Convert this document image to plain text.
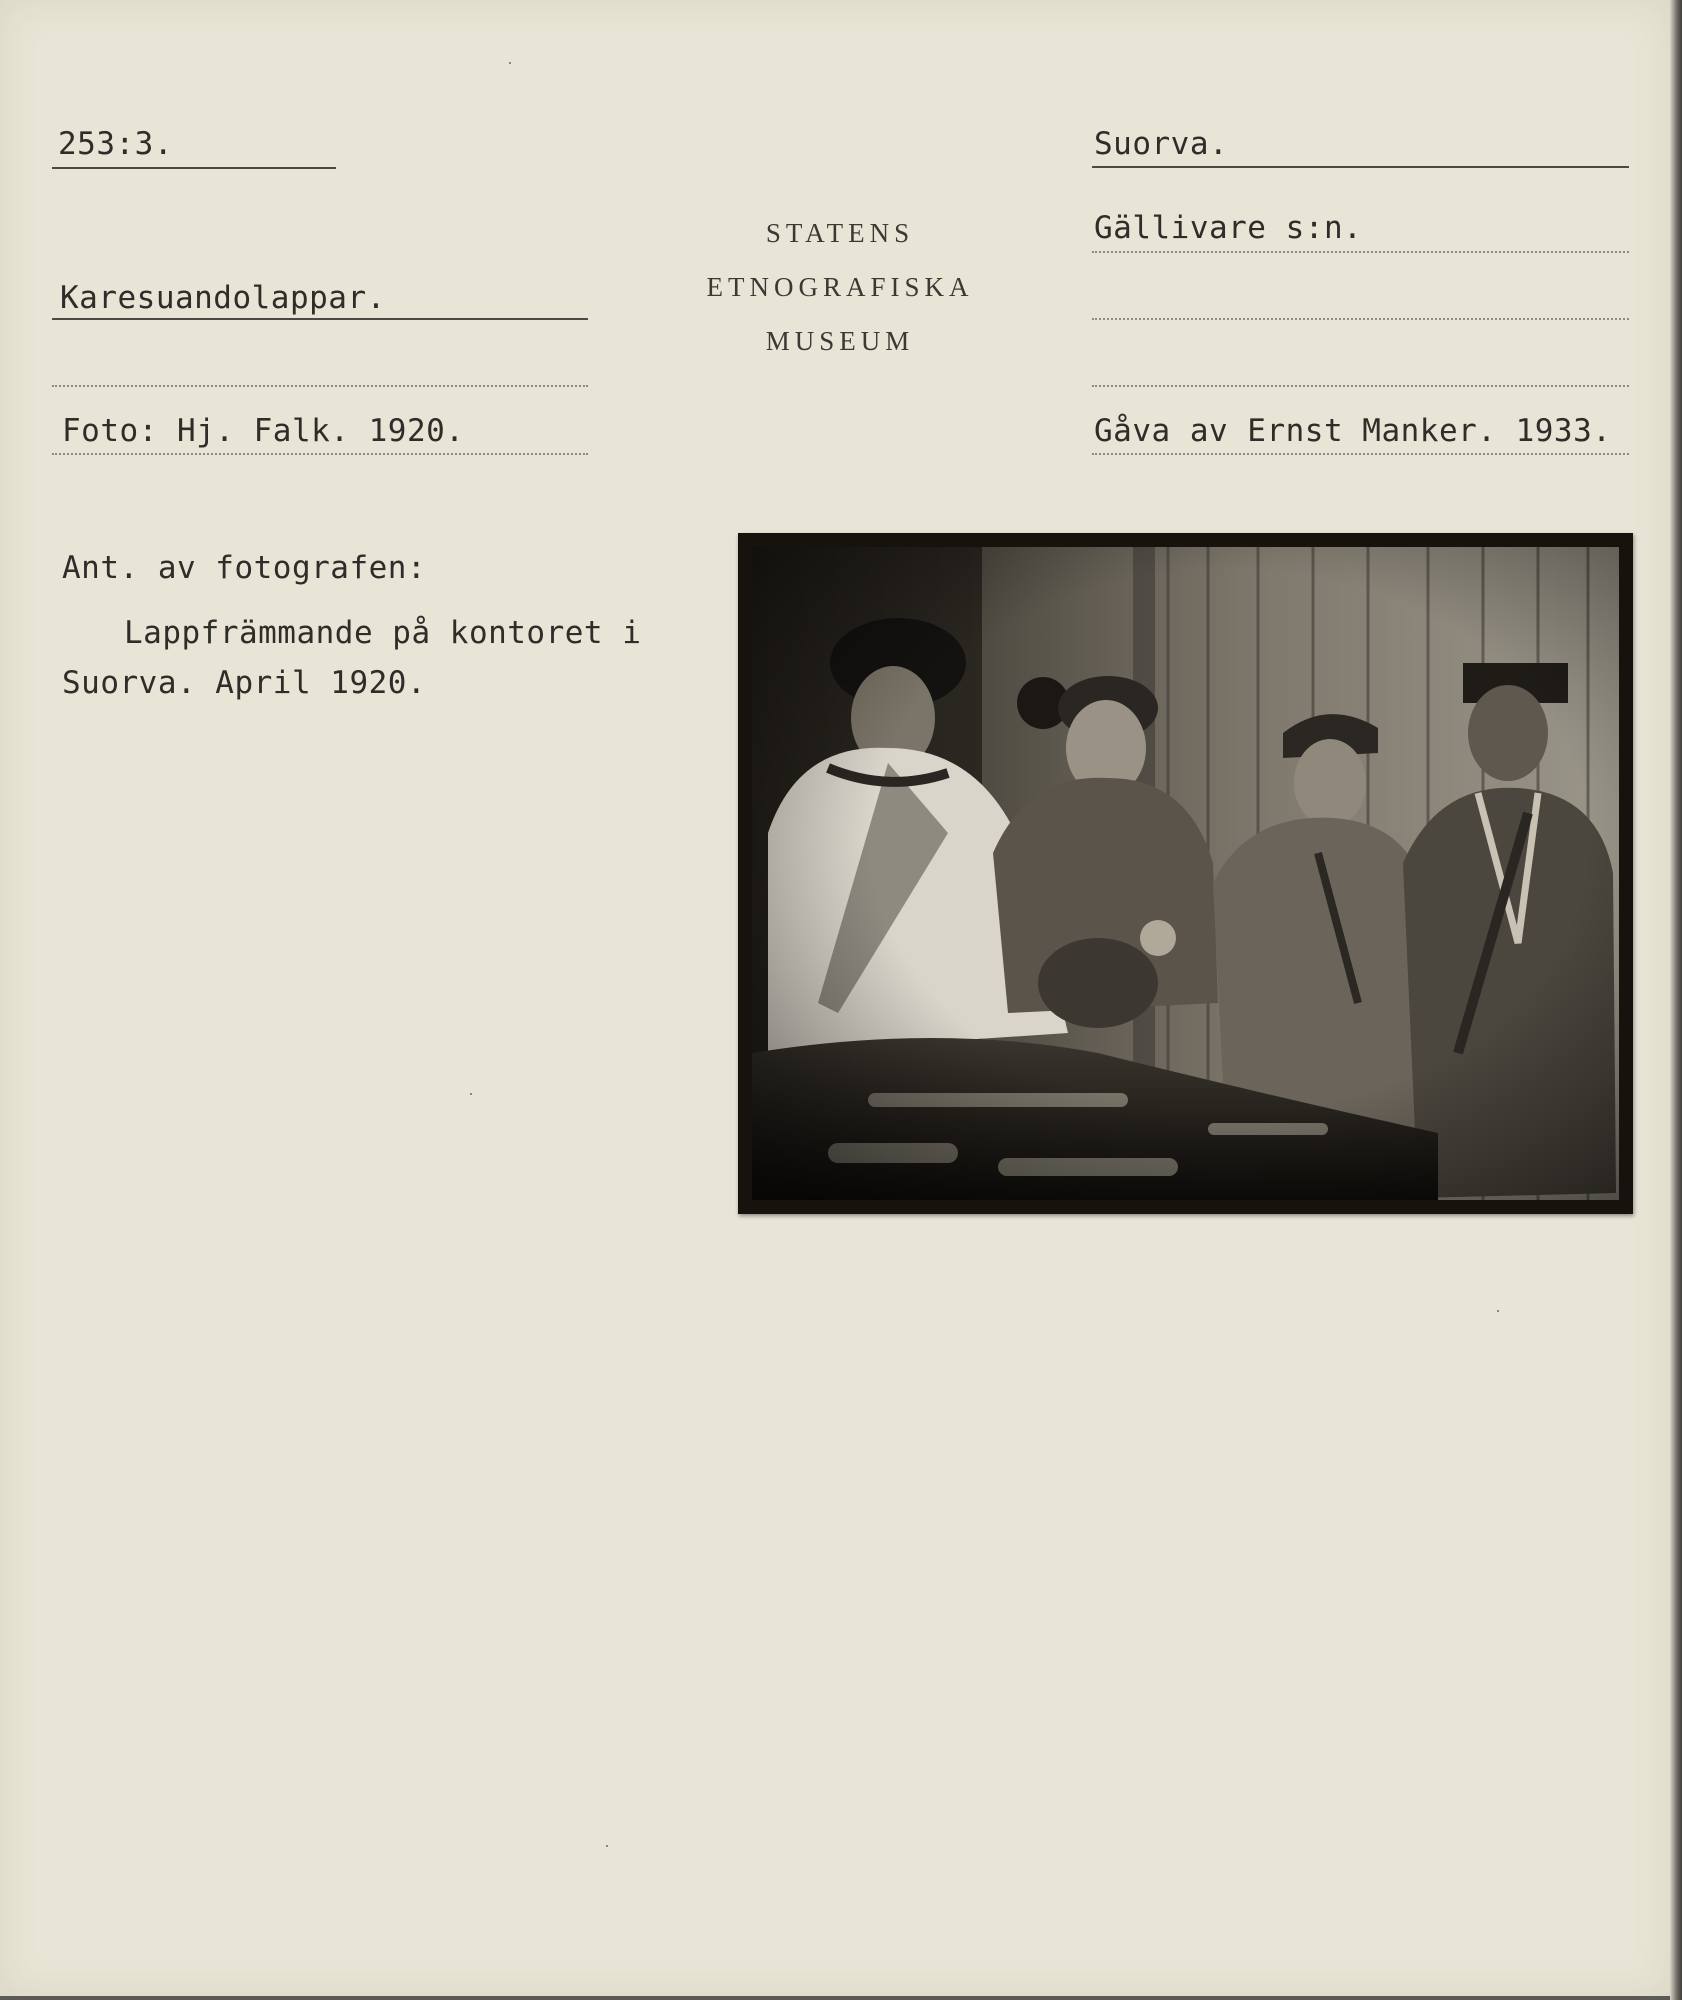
253:3.	Suorva.
Gällivare s:n.
STATENS
ETNOGRAFISKA
MUSEUM
Karesuandolappar.
Foto: Hj. Falk. 1920.	Gåva av Ernst Manker. 1933.
Ant. av fotografen:
Lappfrämmande på kontoret i
Suorva. April 1920.
